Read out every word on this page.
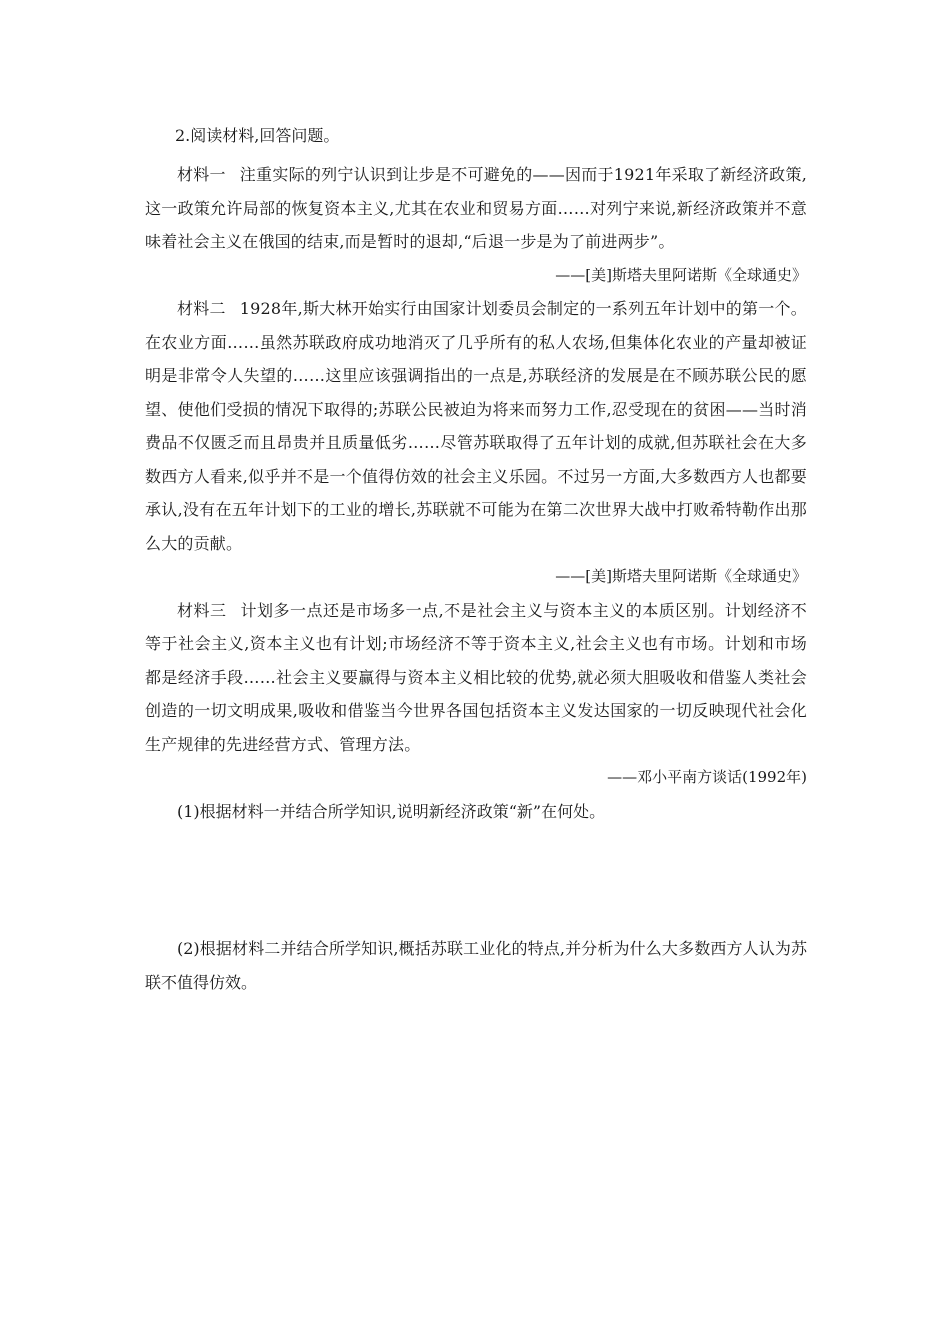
2.阅读材料,回答问题。

材料一 注重实际的列宁认识到让步是不可避免的——因而于1921年采取了新经济政策,这一政策允许局部的恢复资本主义,尤其在农业和贸易方面……对列宁来说,新经济政策并不意味着社会主义在俄国的结束,而是暂时的退却,“后退一步是为了前进两步”。

——[美]斯塔夫里阿诺斯《全球通史》

材料二 1928年,斯大林开始实行由国家计划委员会制定的一系列五年计划中的第一个。在农业方面……虽然苏联政府成功地消灭了几乎所有的私人农场,但集体化农业的产量却被证明是非常令人失望的……这里应该强调指出的一点是,苏联经济的发展是在不顾苏联公民的愿望、使他们受损的情况下取得的;苏联公民被迫为将来而努力工作,忍受现在的贫困——当时消费品不仅匮乏而且昂贵并且质量低劣……尽管苏联取得了五年计划的成就,但苏联社会在大多数西方人看来,似乎并不是一个值得仿效的社会主义乐园。不过另一方面,大多数西方人也都要承认,没有在五年计划下的工业的增长,苏联就不可能为在第二次世界大战中打败希特勒作出那么大的贡献。

——[美]斯塔夫里阿诺斯《全球通史》

材料三 计划多一点还是市场多一点,不是社会主义与资本主义的本质区别。计划经济不等于社会主义,资本主义也有计划;市场经济不等于资本主义,社会主义也有市场。计划和市场都是经济手段……社会主义要赢得与资本主义相比较的优势,就必须大胆吸收和借鉴人类社会创造的一切文明成果,吸收和借鉴当今世界各国包括资本主义发达国家的一切反映现代社会化生产规律的先进经营方式、管理方法。

——邓小平南方谈话(1992年)

(1)根据材料一并结合所学知识,说明新经济政策“新”在何处。

(2)根据材料二并结合所学知识,概括苏联工业化的特点,并分析为什么大多数西方人认为苏联不值得仿效。
